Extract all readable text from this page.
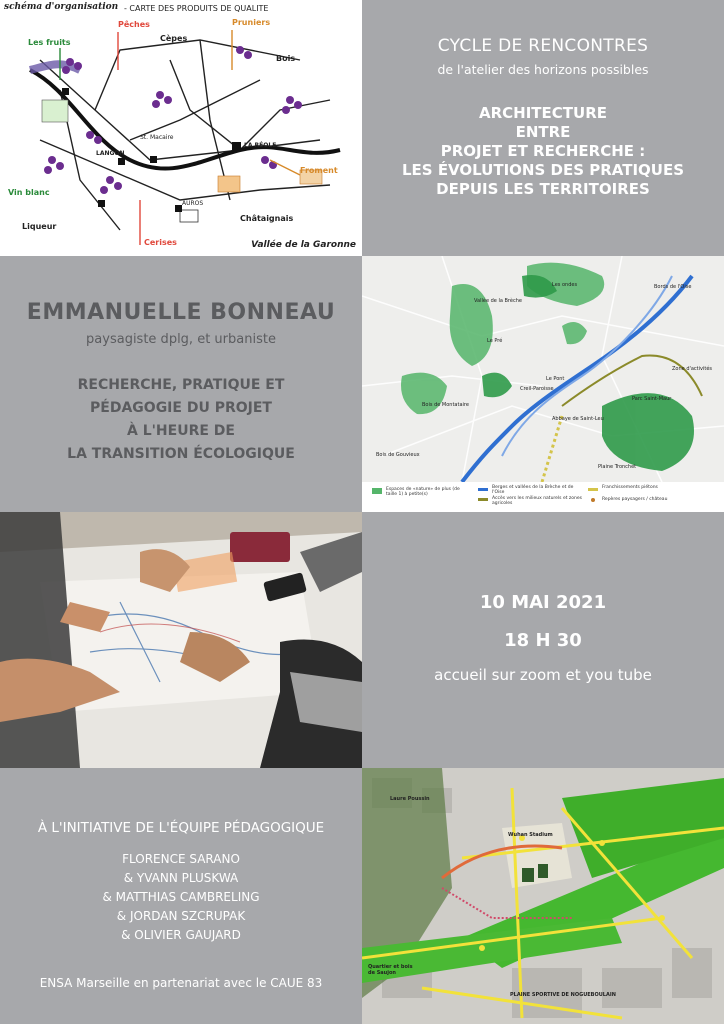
schéma d'organisation - CARTE DES PRODUITS DE QUALITE
Pêches
Cèpes
Pruniers
Les fruits
Bois
Vin blanc
Froment
Liqueur
Châtaignais
Cerises
St. Macaire
LA RÉOLE
LANGON
AUROS
Vallée de la Garonne
CYCLE DE RENCONTRES
de l'atelier des horizons possibles
ARCHITECTURE
ENTRE
PROJET ET RECHERCHE :
LES ÉVOLUTIONS DES PRATIQUES
DEPUIS LES TERRITOIRES
EMMANUELLE BONNEAU
paysagiste dplg, et urbaniste
RECHERCHE, PRATIQUE ET
PÉDAGOGIE DU PROJET
À L'HEURE DE
LA TRANSITION ÉCOLOGIQUE
Vallée de la Brèche
Les ondes
Le Pré
Bords de l'Oise
Le Pont
Creil-Paroisse
Bois de Montataire
Abbaye de Saint-Leu
Bois de Gouvieux
Parc Saint-Maur
Plaine Tronchet
Zone d'activités
Espaces de «nature» de plus (de taille 1) à petite(s)
Berges et vallées de la Brèche et de l'Oise
Accès vers les milieux naturels et zones agricoles
Franchissements piétons
Repères paysagers / château
10 MAI 2021
18 H 30
accueil sur zoom et you tube
À L'INITIATIVE DE L'ÉQUIPE PÉDAGOGIQUE
FLORENCE SARANO
& YVANN PLUSKWA
& MATTHIAS CAMBRELING
& JORDAN SZCRUPAK
& OLIVIER GAUJARD
ENSA Marseille en partenariat avec le CAUE 83
Laure Poussin
Quartier et bois de Saujon
PLAINE SPORTIVE DE NOGUEBOULAIN
Wuhan Stadium
